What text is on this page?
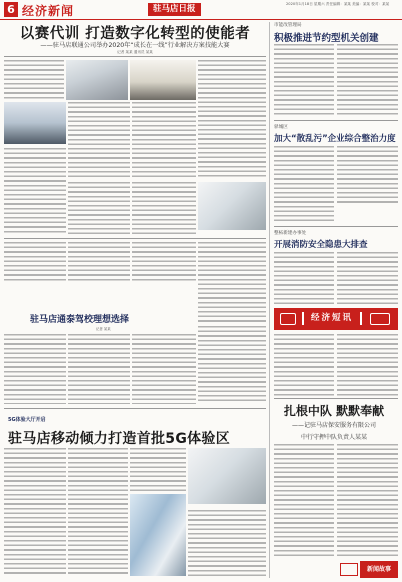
6 经济新闻	驻马店日报	2020年1月18日 星期六 责任编辑：某某 美编：某某 校对：某某
以赛代训 打造数字化转型的使能者
——驻马店联通公司举办2020年“成长在一线”行业解决方案技能大赛
记者 某某 通讯员 某某
驻马店通泰驾校理想选择
记者 某某
5G体验大厅开启
驻马店移动倾力打造首批5G体验区
市能改管理局
积极推进节约型机关创建
驿城区
加大“散乱污”企业综合整治力度
整柘新建办事处
开展消防安全隐患大排查
经济短讯
扎根中队 默默奉献
——记驻马店保安服务有限公司
中行守押中队负责人某某
新闻故事
